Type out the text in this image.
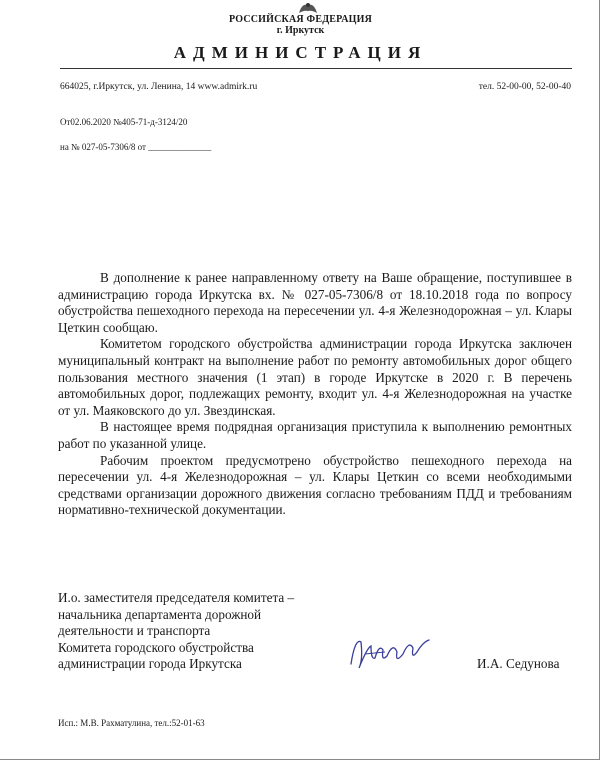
РОССИЙСКАЯ ФЕДЕРАЦИЯ
г. Иркутск
АДМИНИСТРАЦИЯ
664025, г.Иркутск, ул. Ленина, 14 www.admirk.ru	тел. 52-00-00, 52-00-40
От02.06.2020 №405-71-д-3124/20
на № 027-05-7306/8 от ______________

В дополнение к ранее направленному ответу на Ваше обращение, поступившее в администрацию города Иркутска вх. № 027-05-7306/8 от 18.10.2018 года по вопросу обустройства пешеходного перехода на пересечении ул. 4-я Железнодорожная – ул. Клары Цеткин сообщаю.

Комитетом городского обустройства администрации города Иркутска заключен муниципальный контракт на выполнение работ по ремонту автомобильных дорог общего пользования местного значения (1 этап) в городе Иркутске в 2020 г. В перечень автомобильных дорог, подлежащих ремонту, входит ул. 4-я Железнодорожная на участке от ул. Маяковского до ул. Звездинская.

В настоящее время подрядная организация приступила к выполнению ремонтных работ по указанной улице.

Рабочим проектом предусмотрено обустройство пешеходного перехода на пересечении ул. 4-я Железнодорожная – ул. Клары Цеткин со всеми необходимыми средствами организации дорожного движения согласно требованиям ПДД и требованиям нормативно-технической документации.

И.о. заместителя председателя комитета –
начальника департамента дорожной
деятельности и транспорта
Комитета городского обустройства
администрации города Иркутска	И.А. Седунова
Исп.: М.В. Рахматулина, тел.:52-01-63
